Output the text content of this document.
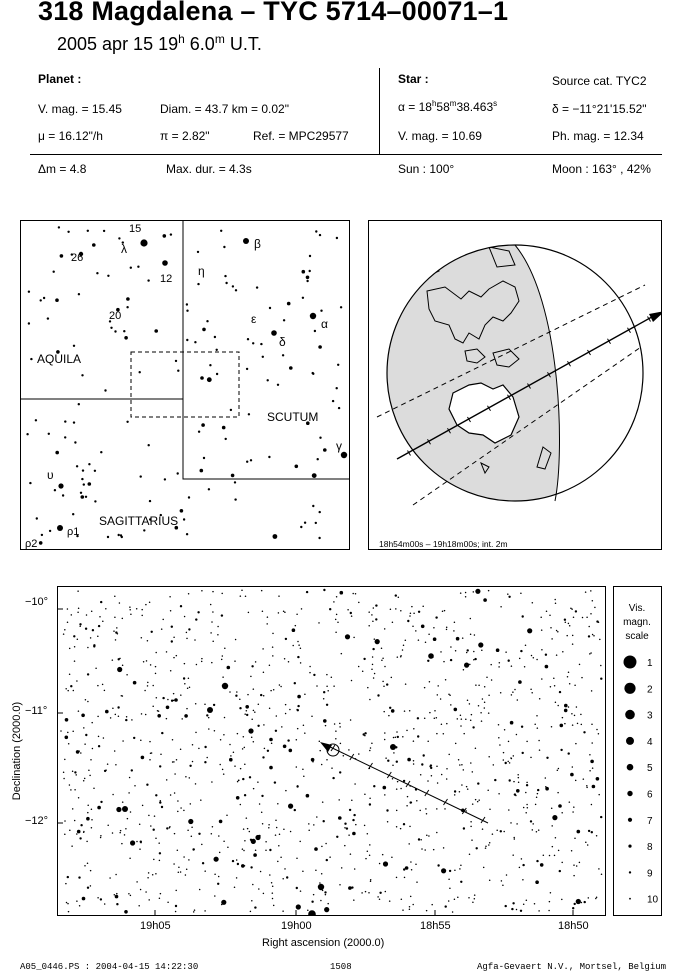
318 Magdalena – TYC 5714–00071–1
2005 apr 15 19$^h$ 6.0$^m$ U.T.
Planet :
V. mag. = 15.45	Diam. = 43.7 km = 0.02"
μ = 16.12"/h	π = 2.82"	Ref. = MPC29577
Star :	Source cat. TYC2
$\alpha = 18^h58^m38.463^s$	δ = −11°21'15.52"
V. mag. = 10.69	Ph. mag. = 12.34
Δm = 4.8	Max. dur. = 4.3s	Sun : 100°	Moon : 163° , 42%
AQUILA
SCUTUM
SAGITTARIUS
15
26
λ
12
η
β
20	ε
δ
α
γ
υ
ρ1
ρ2	18h54m00s – 19h18m00s; int. 2m
−10°
−11°
−12°
19h05	19h00	18h55	18h50
Right ascension (2000.0)
Declination (2000.0)
Vis.
magn.
scale
1
2
3
4
5
6
7
8
9
10
A05_0446.PS : 2004-04-15 14:22:30	1508	Agfa-Gevaert N.V., Mortsel, Belgium
